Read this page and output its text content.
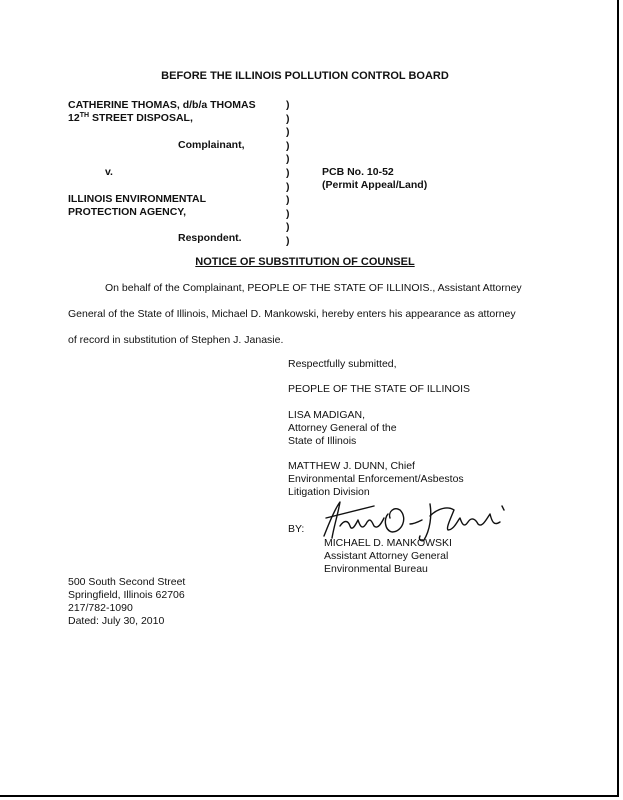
BEFORE THE ILLINOIS POLLUTION CONTROL BOARD
CATHERINE THOMAS, d/b/a THOMAS
12TH STREET DISPOSAL,
Complainant,
v.
ILLINOIS ENVIRONMENTAL
PROTECTION AGENCY,
Respondent.
)
)
)
)
)
)
)
)
)
)
)
PCB No. 10-52
(Permit Appeal/Land)
NOTICE OF SUBSTITUTION OF COUNSEL
On behalf of the Complainant, PEOPLE OF THE STATE OF ILLINOIS., Assistant Attorney
General of the State of Illinois, Michael D. Mankowski, hereby enters his appearance as attorney
of record in substitution of Stephen J. Janasie.
Respectfully submitted,
PEOPLE OF THE STATE OF ILLINOIS
LISA MADIGAN,
Attorney General of the
State of Illinois
MATTHEW J. DUNN, Chief
Environmental Enforcement/Asbestos
Litigation Division
BY:
MICHAEL D. MANKOWSKI
Assistant Attorney General
Environmental Bureau
500 South Second Street
Springfield, Illinois 62706
217/782-1090
Dated: July 30, 2010
